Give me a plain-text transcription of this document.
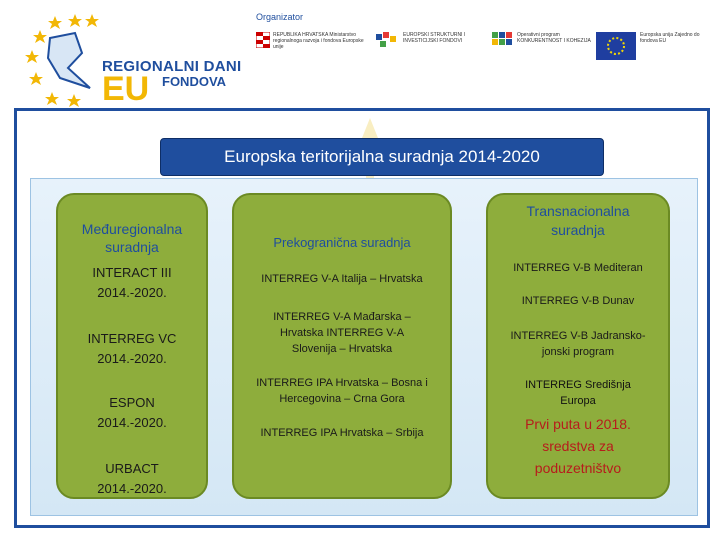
REGIONALNI DANI
EU FONDOVA
Organizator
REPUBLIKA HRVATSKA Ministarstvo regionalnoga razvoja i fondova Europske unije
EUROPSKI STRUKTURNI I INVESTICIJSKI FONDOVI
Operativni program KONKURENTNOST I KOHEZIJA
Europska unija Zajedno do fondova EU
Europska teritorijalna suradnja 2014-2020
Međuregionalna suradnja
INTERACT III 2014.-2020.
INTERREG VC 2014.-2020.
ESPON 2014.-2020.
URBACT 2014.-2020.
Prekogranična suradnja
INTERREG V-A Italija – Hrvatska
INTERREG V-A Mađarska – Hrvatska INTERREG V-A Slovenija – Hrvatska
INTERREG IPA Hrvatska – Bosna i Hercegovina – Crna Gora
INTERREG IPA Hrvatska – Srbija
Transnacionalna suradnja
INTERREG V-B Mediteran
INTERREG V-B Dunav
INTERREG V-B Jadransko-jonski program
INTERREG Središnja Europa
Prvi puta u 2018. sredstva za poduzetništvo
